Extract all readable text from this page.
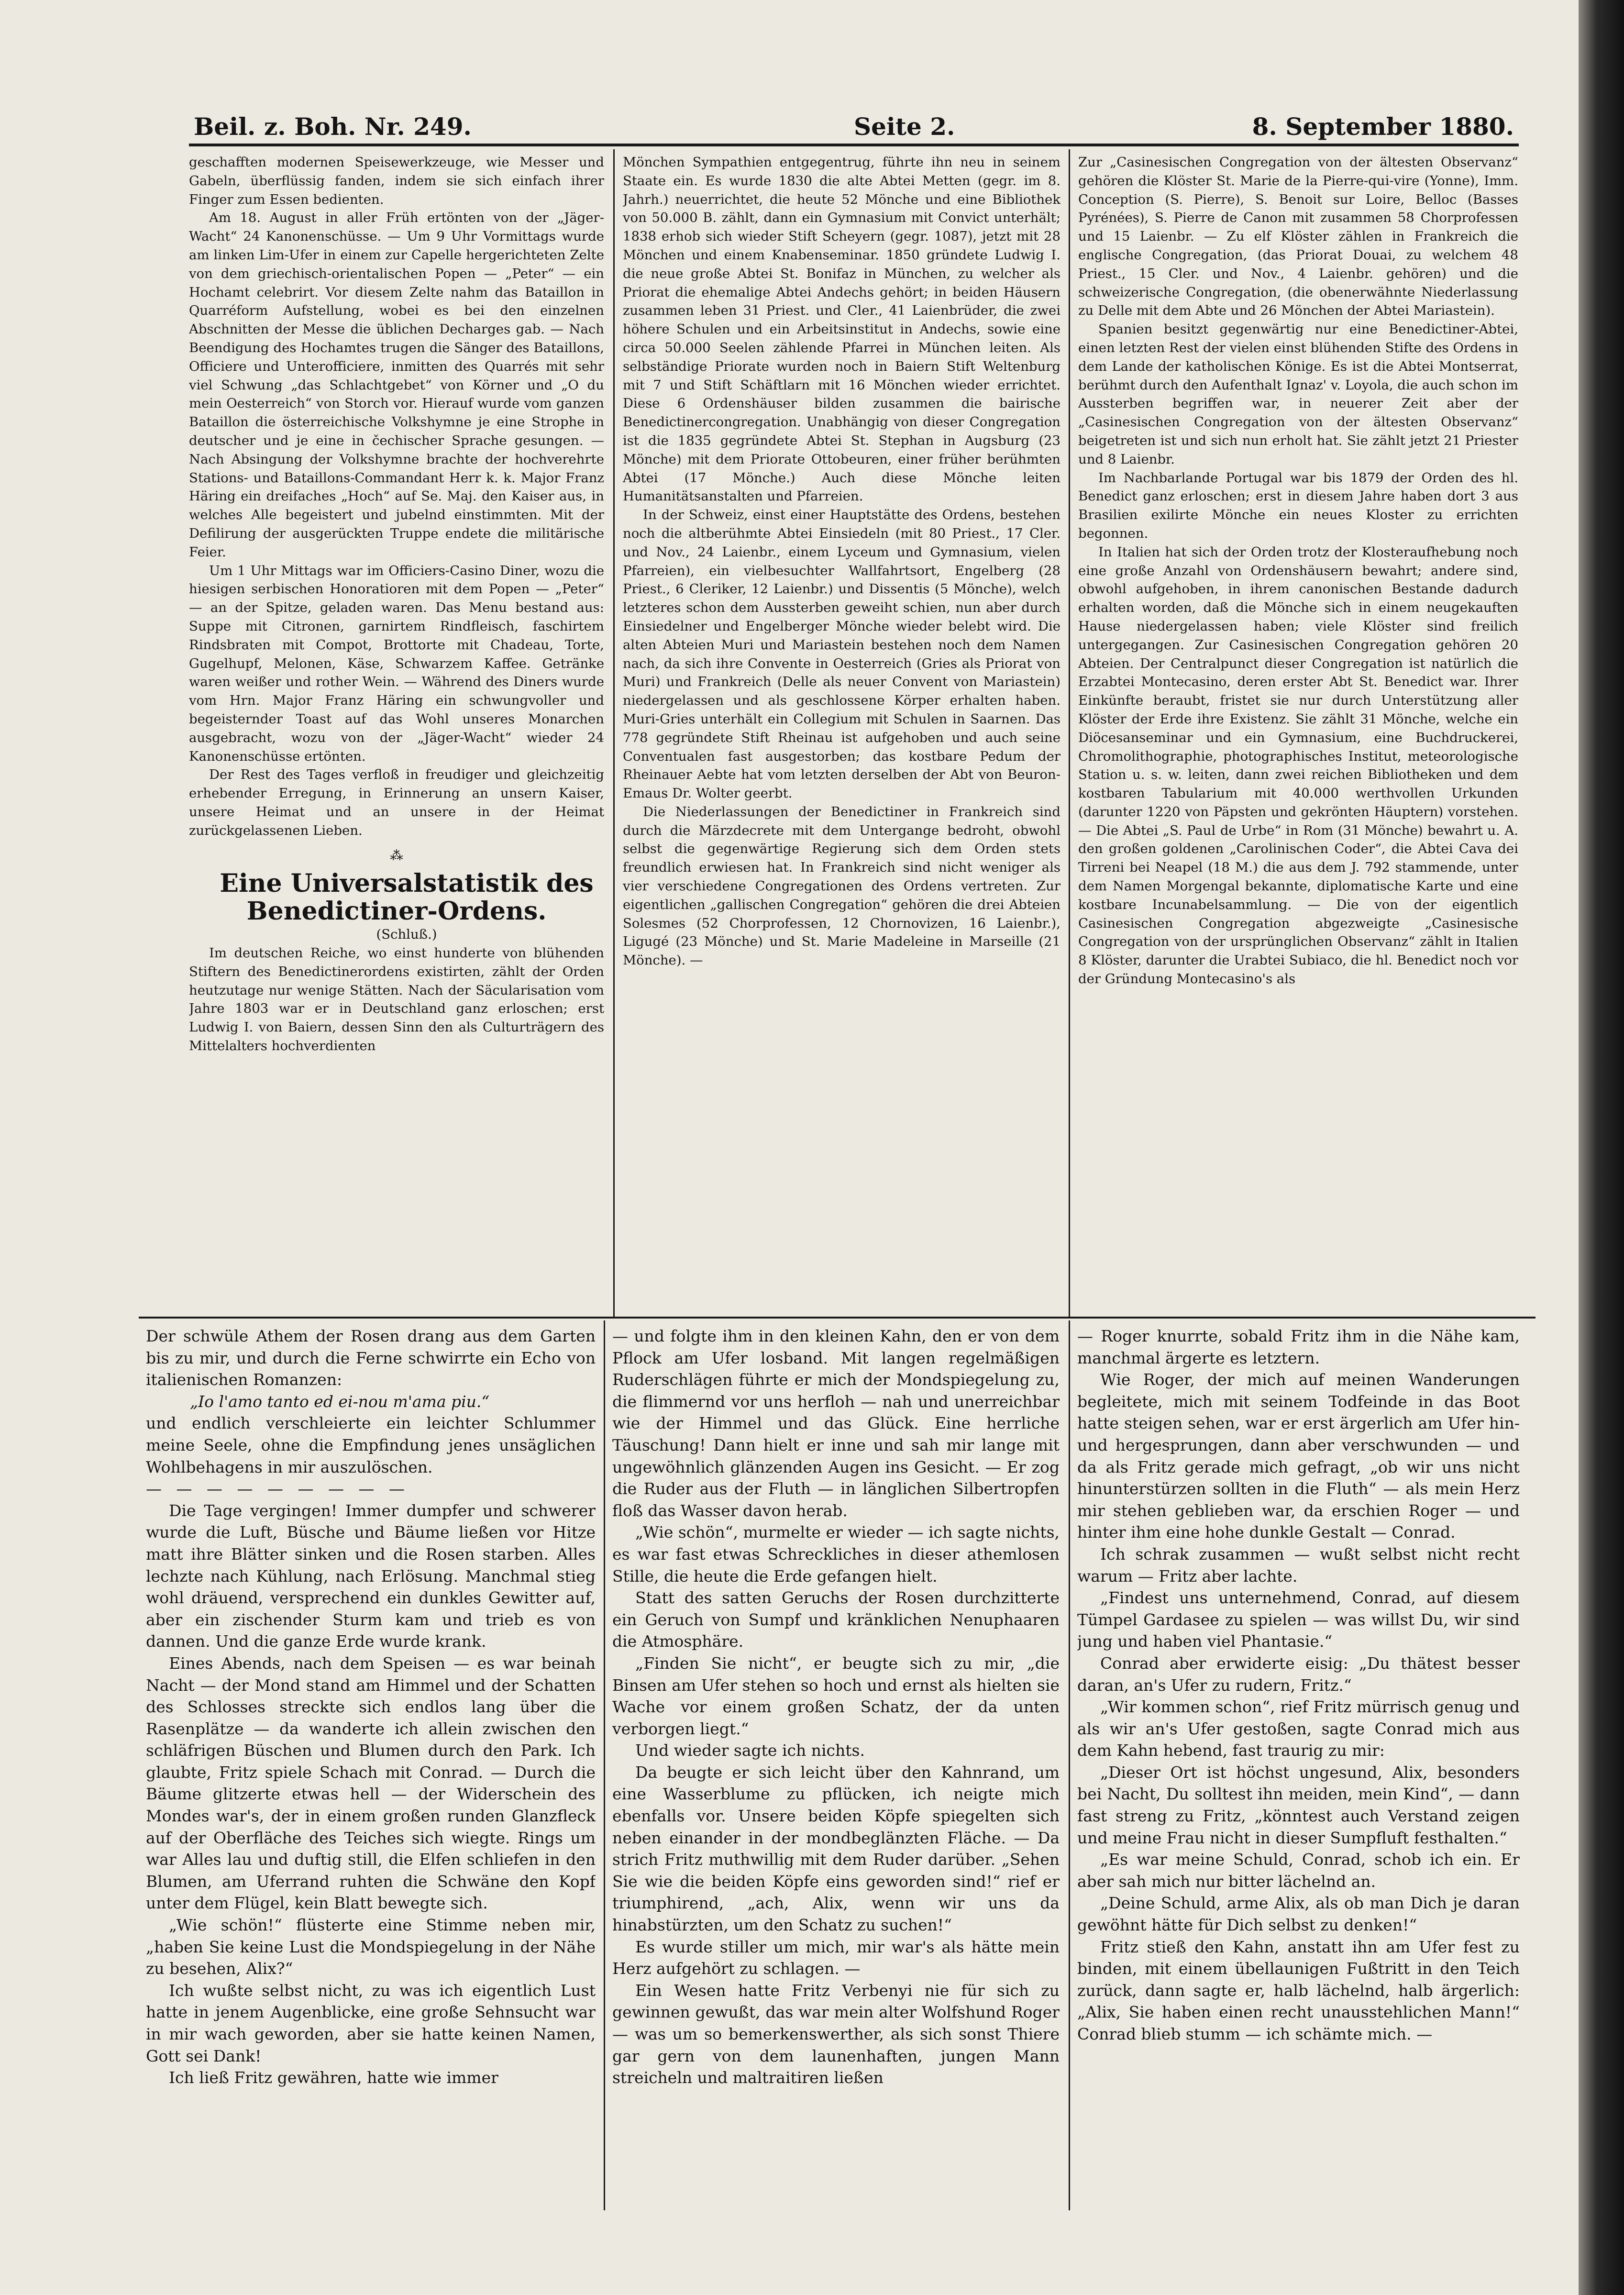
Beil. z. Boh. Nr. 249.	Seite 2.	8. September 1880.

geschafften modernen Speisewerkzeuge, wie Messer und Gabeln, überflüssig fanden, indem sie sich einfach ihrer Finger zum Essen bedienten.

Am 18. August in aller Früh ertönten von der „Jäger-Wacht“ 24 Kanonenschüsse. — Um 9 Uhr Vormittags wurde am linken Lim-Ufer in einem zur Capelle hergerichteten Zelte von dem griechisch-orientalischen Popen — „Peter“ — ein Hochamt celebrirt. Vor diesem Zelte nahm das Bataillon in Quarréform Aufstellung, wobei es bei den einzelnen Abschnitten der Messe die üblichen Decharges gab. — Nach Beendigung des Hochamtes trugen die Sänger des Bataillons, Officiere und Unterofficiere, inmitten des Quarrés mit sehr viel Schwung „das Schlachtgebet“ von Körner und „O du mein Oesterreich“ von Storch vor. Hierauf wurde vom ganzen Bataillon die österreichische Volkshymne je eine Strophe in deutscher und je eine in čechischer Sprache gesungen. — Nach Absingung der Volkshymne brachte der hochverehrte Stations- und Bataillons-Commandant Herr k. k. Major Franz Häring ein dreifaches „Hoch“ auf Se. Maj. den Kaiser aus, in welches Alle begeistert und jubelnd einstimmten. Mit der Defilirung der ausgerückten Truppe endete die militärische Feier.

Um 1 Uhr Mittags war im Officiers-Casino Diner, wozu die hiesigen serbischen Honoratioren mit dem Popen — „Peter“ — an der Spitze, geladen waren. Das Menu bestand aus: Suppe mit Citronen, garnirtem Rindfleisch, faschirtem Rindsbraten mit Compot, Brottorte mit Chadeau, Torte, Gugelhupf, Melonen, Käse, Schwarzem Kaffee. Getränke waren weißer und rother Wein. — Während des Diners wurde vom Hrn. Major Franz Häring ein schwungvoller und begeisternder Toast auf das Wohl unseres Monarchen ausgebracht, wozu von der „Jäger-Wacht“ wieder 24 Kanonenschüsse ertönten.

Der Rest des Tages verfloß in freudiger und gleichzeitig erhebender Erregung, in Erinnerung an unsern Kaiser, unsere Heimat und an unsere in der Heimat zurückgelassenen Lieben.

⁂

Eine Universalstatistik des Benedictiner-Ordens.

(Schluß.)

Im deutschen Reiche, wo einst hunderte von blühenden Stiftern des Benedictinerordens existirten, zählt der Orden heutzutage nur wenige Stätten. Nach der Säcularisation vom Jahre 1803 war er in Deutschland ganz erloschen; erst Ludwig I. von Baiern, dessen Sinn den als Culturträgern des Mittelalters hochverdienten

Mönchen Sympathien entgegentrug, führte ihn neu in seinem Staate ein. Es wurde 1830 die alte Abtei Metten (gegr. im 8. Jahrh.) neuerrichtet, die heute 52 Mönche und eine Bibliothek von 50.000 B. zählt, dann ein Gymnasium mit Convict unterhält; 1838 erhob sich wieder Stift Scheyern (gegr. 1087), jetzt mit 28 Mönchen und einem Knabenseminar. 1850 gründete Ludwig I. die neue große Abtei St. Bonifaz in München, zu welcher als Priorat die ehemalige Abtei Andechs gehört; in beiden Häusern zusammen leben 31 Priest. und Cler., 41 Laienbrüder, die zwei höhere Schulen und ein Arbeitsinstitut in Andechs, sowie eine circa 50.000 Seelen zählende Pfarrei in München leiten. Als selbständige Priorate wurden noch in Baiern Stift Weltenburg mit 7 und Stift Schäftlarn mit 16 Mönchen wieder errichtet. Diese 6 Ordenshäuser bilden zusammen die bairische Benedictinercongregation. Unabhängig von dieser Congregation ist die 1835 gegründete Abtei St. Stephan in Augsburg (23 Mönche) mit dem Priorate Ottobeuren, einer früher berühmten Abtei (17 Mönche.) Auch diese Mönche leiten Humanitätsanstalten und Pfarreien.

In der Schweiz, einst einer Hauptstätte des Ordens, bestehen noch die altberühmte Abtei Einsiedeln (mit 80 Priest., 17 Cler. und Nov., 24 Laienbr., einem Lyceum und Gymnasium, vielen Pfarreien), ein vielbesuchter Wallfahrtsort, Engelberg (28 Priest., 6 Cleriker, 12 Laienbr.) und Dissentis (5 Mönche), welch letzteres schon dem Aussterben geweiht schien, nun aber durch Einsiedelner und Engelberger Mönche wieder belebt wird. Die alten Abteien Muri und Mariastein bestehen noch dem Namen nach, da sich ihre Convente in Oesterreich (Gries als Priorat von Muri) und Frankreich (Delle als neuer Convent von Mariastein) niedergelassen und als geschlossene Körper erhalten haben. Muri-Gries unterhält ein Collegium mit Schulen in Saarnen. Das 778 gegründete Stift Rheinau ist aufgehoben und auch seine Conventualen fast ausgestorben; das kostbare Pedum der Rheinauer Aebte hat vom letzten derselben der Abt von Beuron-Emaus Dr. Wolter geerbt.

Die Niederlassungen der Benedictiner in Frankreich sind durch die Märzdecrete mit dem Untergange bedroht, obwohl selbst die gegenwärtige Regierung sich dem Orden stets freundlich erwiesen hat. In Frankreich sind nicht weniger als vier verschiedene Congregationen des Ordens vertreten. Zur eigentlichen „gallischen Congregation“ gehören die drei Abteien Solesmes (52 Chorprofessen, 12 Chornovizen, 16 Laienbr.), Ligugé (23 Mönche) und St. Marie Madeleine in Marseille (21 Mönche). —

Zur „Casinesischen Congregation von der ältesten Observanz“ gehören die Klöster St. Marie de la Pierre-qui-vire (Yonne), Imm. Conception (S. Pierre), S. Benoit sur Loire, Belloc (Basses Pyrénées), S. Pierre de Canon mit zusammen 58 Chorprofessen und 15 Laienbr. — Zu elf Klöster zählen in Frankreich die englische Congregation, (das Priorat Douai, zu welchem 48 Priest., 15 Cler. und Nov., 4 Laienbr. gehören) und die schweizerische Congregation, (die obenerwähnte Niederlassung zu Delle mit dem Abte und 26 Mönchen der Abtei Mariastein).

Spanien besitzt gegenwärtig nur eine Benedictiner-Abtei, einen letzten Rest der vielen einst blühenden Stifte des Ordens in dem Lande der katholischen Könige. Es ist die Abtei Montserrat, berühmt durch den Aufenthalt Ignaz' v. Loyola, die auch schon im Aussterben begriffen war, in neuerer Zeit aber der „Casinesischen Congregation von der ältesten Observanz“ beigetreten ist und sich nun erholt hat. Sie zählt jetzt 21 Priester und 8 Laienbr.

Im Nachbarlande Portugal war bis 1879 der Orden des hl. Benedict ganz erloschen; erst in diesem Jahre haben dort 3 aus Brasilien exilirte Mönche ein neues Kloster zu errichten begonnen.

In Italien hat sich der Orden trotz der Klosteraufhebung noch eine große Anzahl von Ordenshäusern bewahrt; andere sind, obwohl aufgehoben, in ihrem canonischen Bestande dadurch erhalten worden, daß die Mönche sich in einem neugekauften Hause niedergelassen haben; viele Klöster sind freilich untergegangen. Zur Casinesischen Congregation gehören 20 Abteien. Der Centralpunct dieser Congregation ist natürlich die Erzabtei Montecasino, deren erster Abt St. Benedict war. Ihrer Einkünfte beraubt, fristet sie nur durch Unterstützung aller Klöster der Erde ihre Existenz. Sie zählt 31 Mönche, welche ein Diöcesanseminar und ein Gymnasium, eine Buchdruckerei, Chromolithographie, photographisches Institut, meteorologische Station u. s. w. leiten, dann zwei reichen Bibliotheken und dem kostbaren Tabularium mit 40.000 werthvollen Urkunden (darunter 1220 von Päpsten und gekrönten Häuptern) vorstehen. — Die Abtei „S. Paul de Urbe“ in Rom (31 Mönche) bewahrt u. A. den großen goldenen „Carolinischen Coder“, die Abtei Cava dei Tirreni bei Neapel (18 M.) die aus dem J. 792 stammende, unter dem Namen Morgengal bekannte, diplomatische Karte und eine kostbare Incunabelsammlung. — Die von der eigentlich Casinesischen Congregation abgezweigte „Casinesische Congregation von der ursprünglichen Observanz“ zählt in Italien 8 Klöster, darunter die Urabtei Subiaco, die hl. Benedict noch vor der Gründung Montecasino's als

Der schwüle Athem der Rosen drang aus dem Garten bis zu mir, und durch die Ferne schwirrte ein Echo von italienischen Romanzen:

„Io l'amo tanto ed ei-nou m'ama piu.“

und endlich verschleierte ein leichter Schlummer meine Seele, ohne die Empfindung jenes unsäglichen Wohlbehagens in mir auszulöschen.

— — — — — — — — —

Die Tage vergingen! Immer dumpfer und schwerer wurde die Luft, Büsche und Bäume ließen vor Hitze matt ihre Blätter sinken und die Rosen starben. Alles lechzte nach Kühlung, nach Erlösung. Manchmal stieg wohl dräuend, versprechend ein dunkles Gewitter auf, aber ein zischender Sturm kam und trieb es von dannen. Und die ganze Erde wurde krank.

Eines Abends, nach dem Speisen — es war beinah Nacht — der Mond stand am Himmel und der Schatten des Schlosses streckte sich endlos lang über die Rasenplätze — da wanderte ich allein zwischen den schläfrigen Büschen und Blumen durch den Park. Ich glaubte, Fritz spiele Schach mit Conrad. — Durch die Bäume glitzerte etwas hell — der Widerschein des Mondes war's, der in einem großen runden Glanzfleck auf der Oberfläche des Teiches sich wiegte. Rings um war Alles lau und duftig still, die Elfen schliefen in den Blumen, am Uferrand ruhten die Schwäne den Kopf unter dem Flügel, kein Blatt bewegte sich.

„Wie schön!“ flüsterte eine Stimme neben mir, „haben Sie keine Lust die Mondspiegelung in der Nähe zu besehen, Alix?“

Ich wußte selbst nicht, zu was ich eigentlich Lust hatte in jenem Augenblicke, eine große Sehnsucht war in mir wach geworden, aber sie hatte keinen Namen, Gott sei Dank!

Ich ließ Fritz gewähren, hatte wie immer

— und folgte ihm in den kleinen Kahn, den er von dem Pflock am Ufer losband. Mit langen regelmäßigen Ruderschlägen führte er mich der Mondspiegelung zu, die flimmernd vor uns herfloh — nah und unerreichbar wie der Himmel und das Glück. Eine herrliche Täuschung! Dann hielt er inne und sah mir lange mit ungewöhnlich glänzenden Augen ins Gesicht. — Er zog die Ruder aus der Fluth — in länglichen Silbertropfen floß das Wasser davon herab.

„Wie schön“, murmelte er wieder — ich sagte nichts, es war fast etwas Schreckliches in dieser athemlosen Stille, die heute die Erde gefangen hielt.

Statt des satten Geruchs der Rosen durchzitterte ein Geruch von Sumpf und kränklichen Nenuphaaren die Atmosphäre.

„Finden Sie nicht“, er beugte sich zu mir, „die Binsen am Ufer stehen so hoch und ernst als hielten sie Wache vor einem großen Schatz, der da unten verborgen liegt.“

Und wieder sagte ich nichts.

Da beugte er sich leicht über den Kahnrand, um eine Wasserblume zu pflücken, ich neigte mich ebenfalls vor. Unsere beiden Köpfe spiegelten sich neben einander in der mondbeglänzten Fläche. — Da strich Fritz muthwillig mit dem Ruder darüber. „Sehen Sie wie die beiden Köpfe eins geworden sind!“ rief er triumphirend, „ach, Alix, wenn wir uns da hinabstürzten, um den Schatz zu suchen!“

Es wurde stiller um mich, mir war's als hätte mein Herz aufgehört zu schlagen. —

Ein Wesen hatte Fritz Verbenyi nie für sich zu gewinnen gewußt, das war mein alter Wolfshund Roger — was um so bemerkenswerther, als sich sonst Thiere gar gern von dem launenhaften, jungen Mann streicheln und maltraitiren ließen

— Roger knurrte, sobald Fritz ihm in die Nähe kam, manchmal ärgerte es letztern.

Wie Roger, der mich auf meinen Wanderungen begleitete, mich mit seinem Todfeinde in das Boot hatte steigen sehen, war er erst ärgerlich am Ufer hin- und hergesprungen, dann aber verschwunden — und da als Fritz gerade mich gefragt, „ob wir uns nicht hinunterstürzen sollten in die Fluth“ — als mein Herz mir stehen geblieben war, da erschien Roger — und hinter ihm eine hohe dunkle Gestalt — Conrad.

Ich schrak zusammen — wußt selbst nicht recht warum — Fritz aber lachte.

„Findest uns unternehmend, Conrad, auf diesem Tümpel Gardasee zu spielen — was willst Du, wir sind jung und haben viel Phantasie.“

Conrad aber erwiderte eisig: „Du thätest besser daran, an's Ufer zu rudern, Fritz.“

„Wir kommen schon“, rief Fritz mürrisch genug und als wir an's Ufer gestoßen, sagte Conrad mich aus dem Kahn hebend, fast traurig zu mir:

„Dieser Ort ist höchst ungesund, Alix, besonders bei Nacht, Du solltest ihn meiden, mein Kind“, — dann fast streng zu Fritz, „könntest auch Verstand zeigen und meine Frau nicht in dieser Sumpfluft festhalten.“

„Es war meine Schuld, Conrad, schob ich ein. Er aber sah mich nur bitter lächelnd an.

„Deine Schuld, arme Alix, als ob man Dich je daran gewöhnt hätte für Dich selbst zu denken!“

Fritz stieß den Kahn, anstatt ihn am Ufer fest zu binden, mit einem übellaunigen Fußtritt in den Teich zurück, dann sagte er, halb lächelnd, halb ärgerlich: „Alix, Sie haben einen recht unausstehlichen Mann!“ Conrad blieb stumm — ich schämte mich. —
